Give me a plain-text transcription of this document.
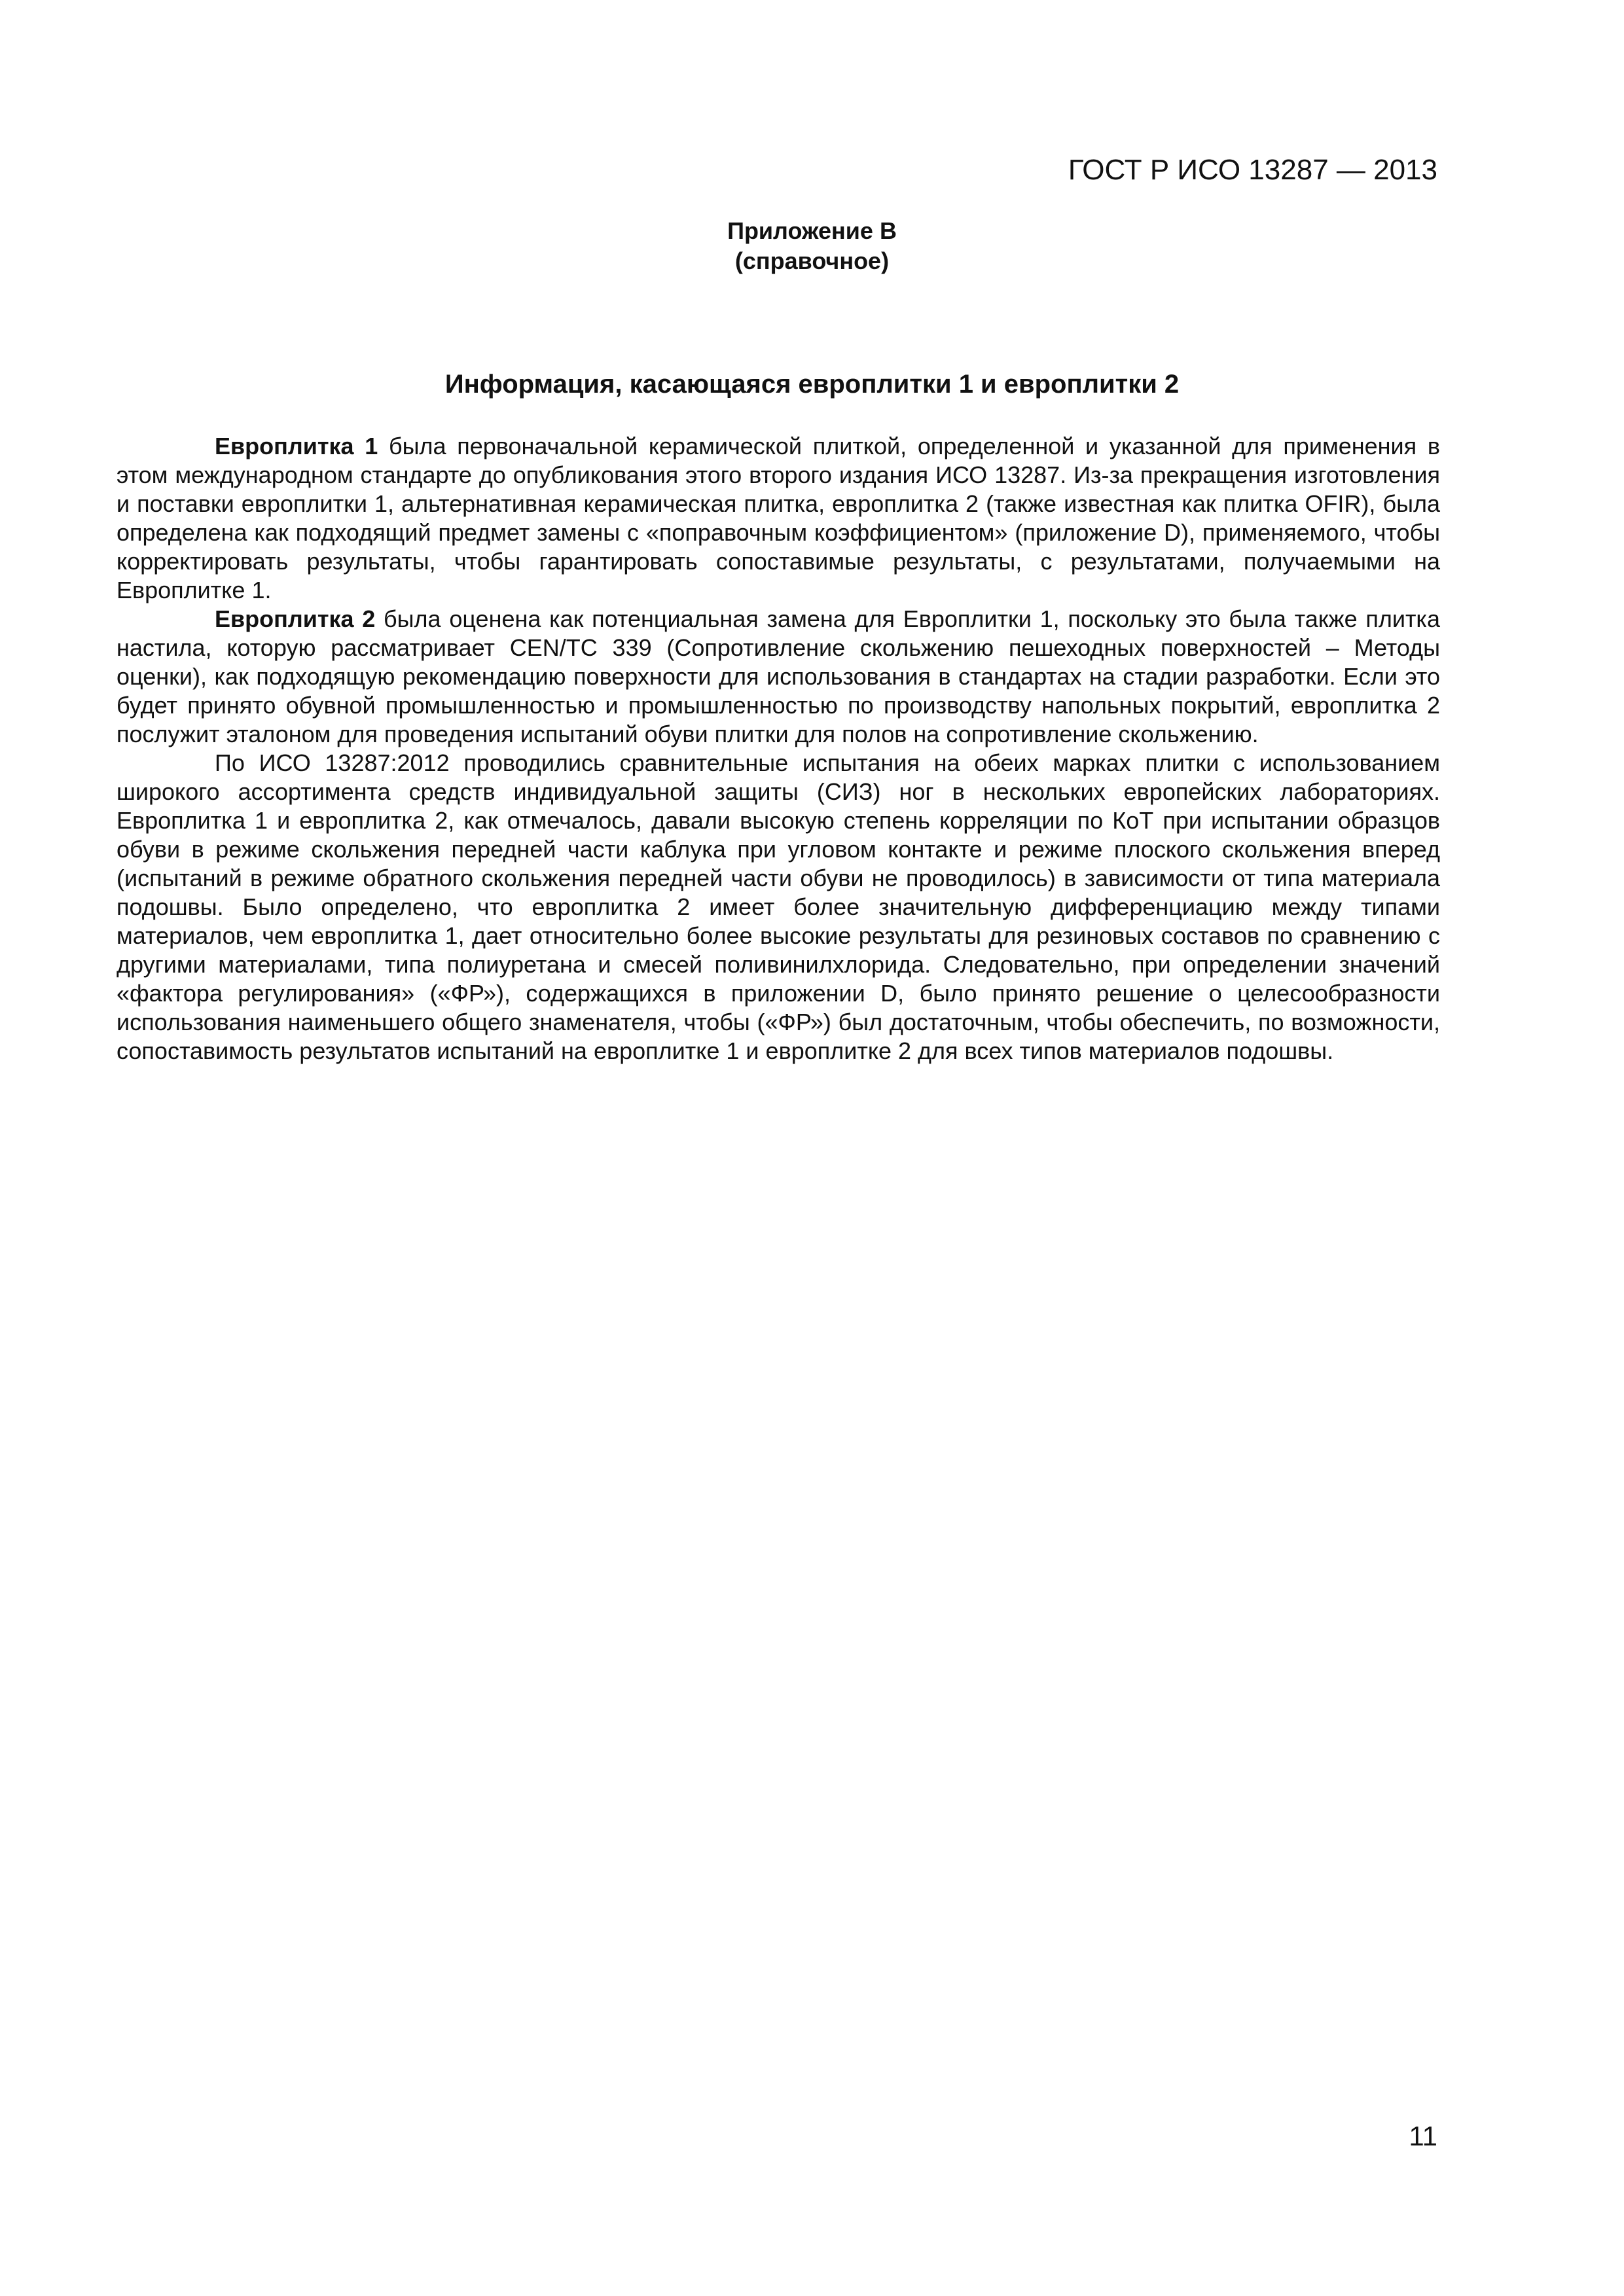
ГОСТ Р ИСО 13287 — 2013
Приложение В
(справочное)
Информация, касающаяся европлитки 1 и европлитки 2

Европлитка 1 была первоначальной керамической плиткой, определенной и указанной для применения в этом международном стандарте до опубликования этого второго издания ИСО 13287. Из-за прекращения изготовления и поставки европлитки 1, альтернативная керамическая плитка, европлитка 2 (также известная как плитка OFIR), была определена как подходящий предмет замены с «поправочным коэффициентом» (приложение D), применяемого, чтобы корректировать результаты, чтобы гарантировать сопоставимые результаты, с результатами, получаемыми на Европлитке 1.

Европлитка 2 была оценена как потенциальная замена для Европлитки 1, поскольку это была также плитка настила, которую рассматривает CEN/TC 339 (Сопротивление скольжению пешеходных поверхностей – Методы оценки), как подходящую рекомендацию поверхности для использования в стандартах на стадии разработки. Если это будет принято обувной промышленностью и промышленностью по производству напольных покрытий, европлитка 2 послужит эталоном для проведения испытаний обуви плитки для полов на сопротивление скольжению.

По ИСО 13287:2012 проводились сравнительные испытания на обеих марках плитки с использованием широкого ассортимента средств индивидуальной защиты (СИЗ) ног в нескольких европейских лабораториях. Европлитка 1 и европлитка 2, как отмечалось, давали высокую степень корреляции по КоТ при испытании образцов обуви в режиме скольжения передней части каблука при угловом контакте и режиме плоского скольжения вперед (испытаний в режиме обратного скольжения передней части обуви не проводилось) в зависимости от типа материала подошвы. Было определено, что европлитка 2 имеет более значительную дифференциацию между типами материалов, чем европлитка 1, дает относительно более высокие результаты для резиновых составов по сравнению с другими материалами, типа полиуретана и смесей поливинилхлорида. Следовательно, при определении значений «фактора регулирования» («ФР»), содержащихся в приложении D, было принято решение о целесообразности использования наименьшего общего знаменателя, чтобы («ФР») был достаточным, чтобы обеспечить, по возможности, сопоставимость результатов испытаний на европлитке 1 и европлитке 2 для всех типов материалов подошвы.

11
